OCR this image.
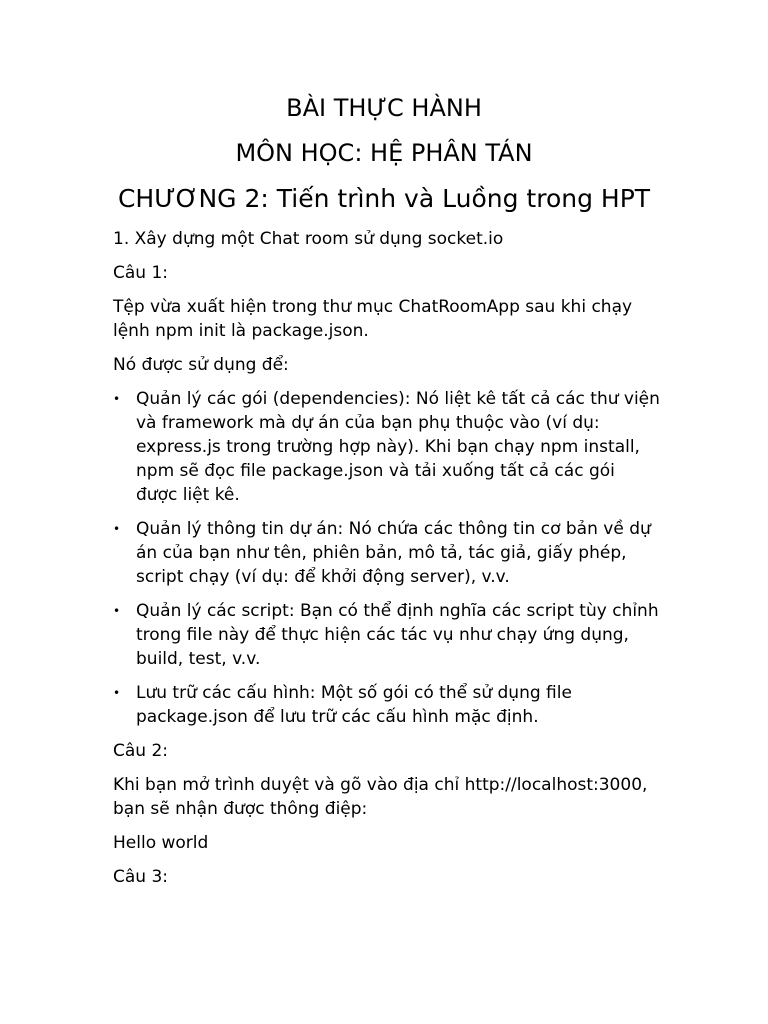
BÀI THỰC HÀNH
MÔN HỌC: HỆ PHÂN TÁN
CHƯƠNG 2: Tiến trình và Luồng trong HPT

1. Xây dựng một Chat room sử dụng socket.io

Câu 1:

Tệp vừa xuất hiện trong thư mục ChatRoomApp sau khi chạy
lệnh npm init là package.json.

Nó được sử dụng để:

• Quản lý các gói (dependencies): Nó liệt kê tất cả các thư viện
và framework mà dự án của bạn phụ thuộc vào (ví dụ:
express.js trong trường hợp này). Khi bạn chạy npm install,
npm sẽ đọc file package.json và tải xuống tất cả các gói
được liệt kê.
• Quản lý thông tin dự án: Nó chứa các thông tin cơ bản về dự
án của bạn như tên, phiên bản, mô tả, tác giả, giấy phép,
script chạy (ví dụ: để khởi động server), v.v.
• Quản lý các script: Bạn có thể định nghĩa các script tùy chỉnh
trong file này để thực hiện các tác vụ như chạy ứng dụng,
build, test, v.v.
• Lưu trữ các cấu hình: Một số gói có thể sử dụng file
package.json để lưu trữ các cấu hình mặc định.

Câu 2:

Khi bạn mở trình duyệt và gõ vào địa chỉ http://localhost:3000,
bạn sẽ nhận được thông điệp:

Hello world

Câu 3:
